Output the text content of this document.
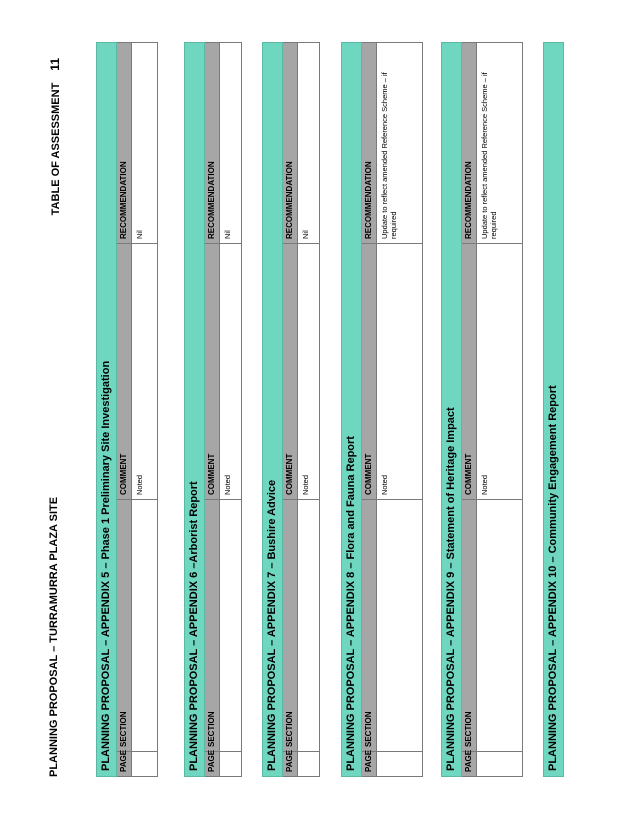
PLANNING PROPOSAL – TURRAMURRA PLAZA SITE
TABLE OF ASSESSMENT11
PLANNING PROPOSAL – APPENDIX 5 – Phase 1 Preliminary Site Investigation			
PAGE	SECTION	COMMENT	RECOMMENDATION
		Noted	Nil
PLANNING PROPOSAL – APPENDIX 6 –Arborist Report			
PAGE	SECTION	COMMENT	RECOMMENDATION
		Noted	Nil
PLANNING PROPOSAL – APPENDIX 7 – Bushire Advice			
PAGE	SECTION	COMMENT	RECOMMENDATION
		Noted	Nil
PLANNING PROPOSAL – APPENDIX 8 – Flora and Fauna Report			
PAGE	SECTION	COMMENT	RECOMMENDATION
		Noted	Update to reflect amended Reference Scheme – if required
PLANNING PROPOSAL – APPENDIX 9 – Statement of Heritage Impact			
PAGE	SECTION	COMMENT	RECOMMENDATION
		Noted	Update to reflect amended Reference Scheme – if required
PLANNING PROPOSAL – APPENDIX 10 – Community Engagement Report
